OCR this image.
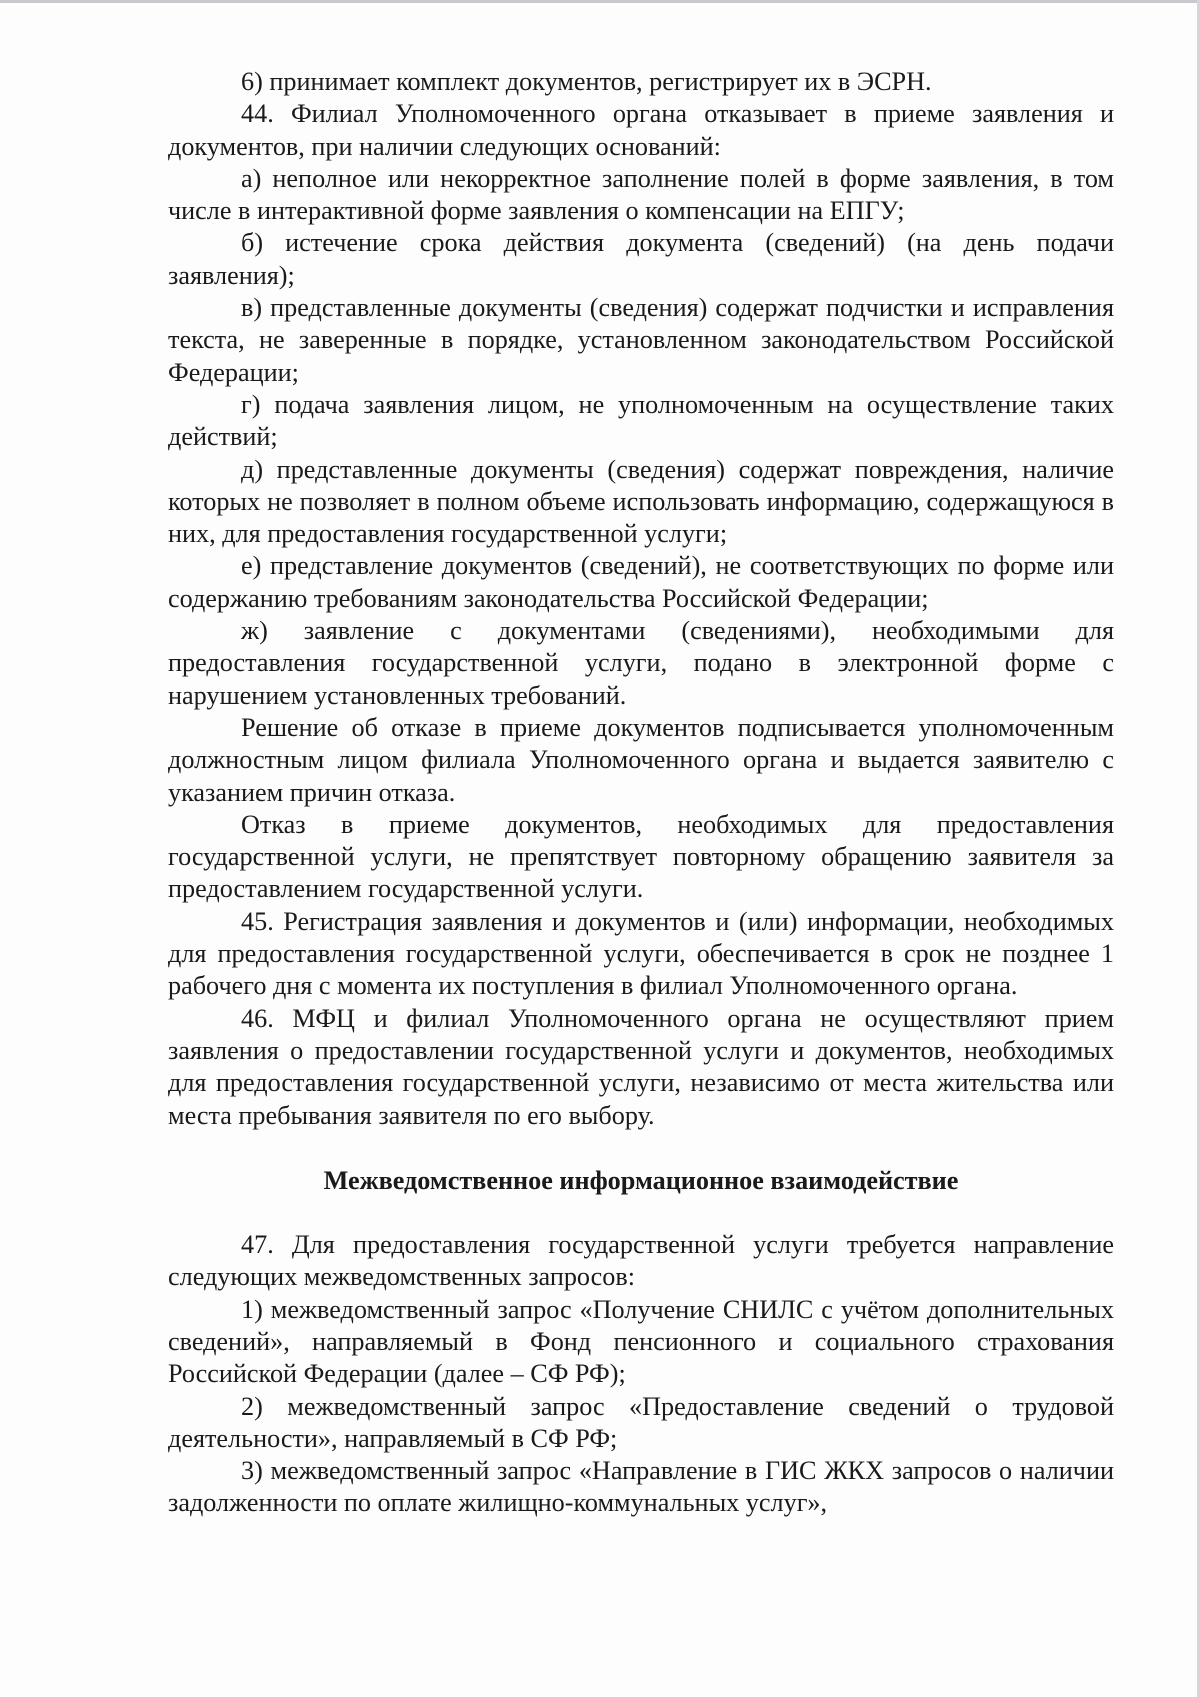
6) принимает комплект документов, регистрирует их в ЭСРН.

44. Филиал Уполномоченного органа отказывает в приеме заявления и документов, при наличии следующих оснований:

а) неполное или некорректное заполнение полей в форме заявления, в том числе в интерактивной форме заявления о компенсации на ЕПГУ;

б) истечение срока действия документа (сведений) (на день подачи заявления);

в) представленные документы (сведения) содержат подчистки и исправления текста, не заверенные в порядке, установленном законодательством Российской Федерации;

г) подача заявления лицом, не уполномоченным на осуществление таких действий;

д) представленные документы (сведения) содержат повреждения, наличие которых не позволяет в полном объеме использовать информацию, содержащуюся в них, для предоставления государственной услуги;

е) представление документов (сведений), не соответствующих по форме или содержанию требованиям законодательства Российской Федерации;

ж) заявление с документами (сведениями), необходимыми для предоставления государственной услуги, подано в электронной форме с нарушением установленных требований.

Решение об отказе в приеме документов подписывается уполномоченным должностным лицом филиала Уполномоченного органа и выдается заявителю с указанием причин отказа.

Отказ в приеме документов, необходимых для предоставления государственной услуги, не препятствует повторному обращению заявителя за предоставлением государственной услуги.

45. Регистрация заявления и документов и (или) информации, необходимых для предоставления государственной услуги, обеспечивается в срок не позднее 1 рабочего дня с момента их поступления в филиал Уполномоченного органа.

46. МФЦ и филиал Уполномоченного органа не осуществляют прием заявления о предоставлении государственной услуги и документов, необходимых для предоставления государственной услуги, независимо от места жительства или места пребывания заявителя по его выбору.

Межведомственное информационное взаимодействие

47. Для предоставления государственной услуги требуется направление следующих межведомственных запросов:

1) межведомственный запрос «Получение СНИЛС с учётом дополнительных сведений», направляемый в Фонд пенсионного и социального страхования Российской Федерации (далее – СФ РФ);

2) межведомственный запрос «Предоставление сведений о трудовой деятельности», направляемый в СФ РФ;

3) межведомственный запрос «Направление в ГИС ЖКХ запросов о наличии задолженности по оплате жилищно-коммунальных услуг»,
